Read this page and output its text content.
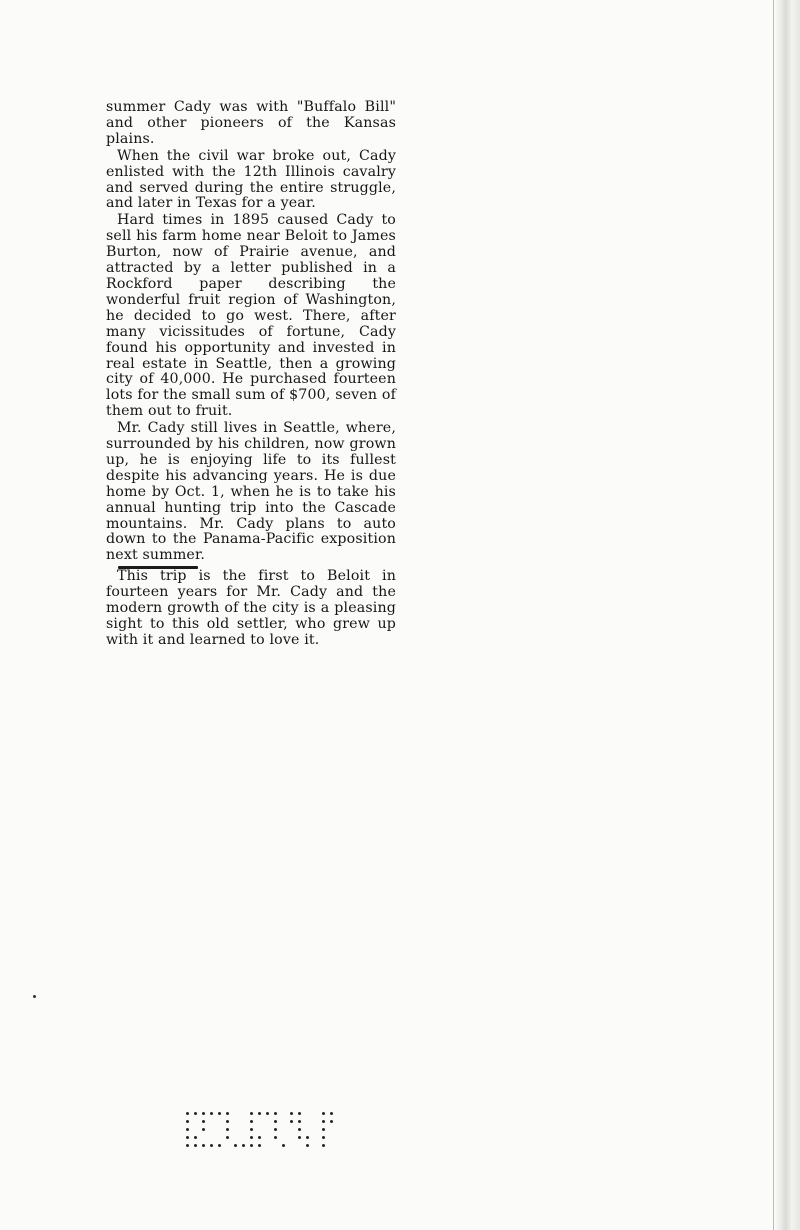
summer Cady was with "Buffalo Bill" and other pioneers of the Kansas plains.

When the civil war broke out, Cady enlisted with the 12th Illinois cavalry and served during the entire struggle, and later in Texas for a year.

Hard times in 1895 caused Cady to sell his farm home near Beloit to James Burton, now of Prairie avenue, and attracted by a letter published in a Rockford paper describing the wonderful fruit region of Washington, he decided to go west. There, after many vicissitudes of fortune, Cady found his opportunity and invested in real estate in Seattle, then a growing city of 40,000. He purchased fourteen lots for the small sum of $700, seven of them out to fruit.

Mr. Cady still lives in Seattle, where, surrounded by his children, now grown up, he is enjoying life to its fullest despite his advancing years. He is due home by Oct. 1, when he is to take his annual hunting trip into the Cascade mountains. Mr. Cady plans to auto down to the Panama-Pacific exposition next summer.

This trip is the first to Beloit in fourteen years for Mr. Cady and the modern growth of the city is a pleasing sight to this old settler, who grew up with it and learned to love it.
